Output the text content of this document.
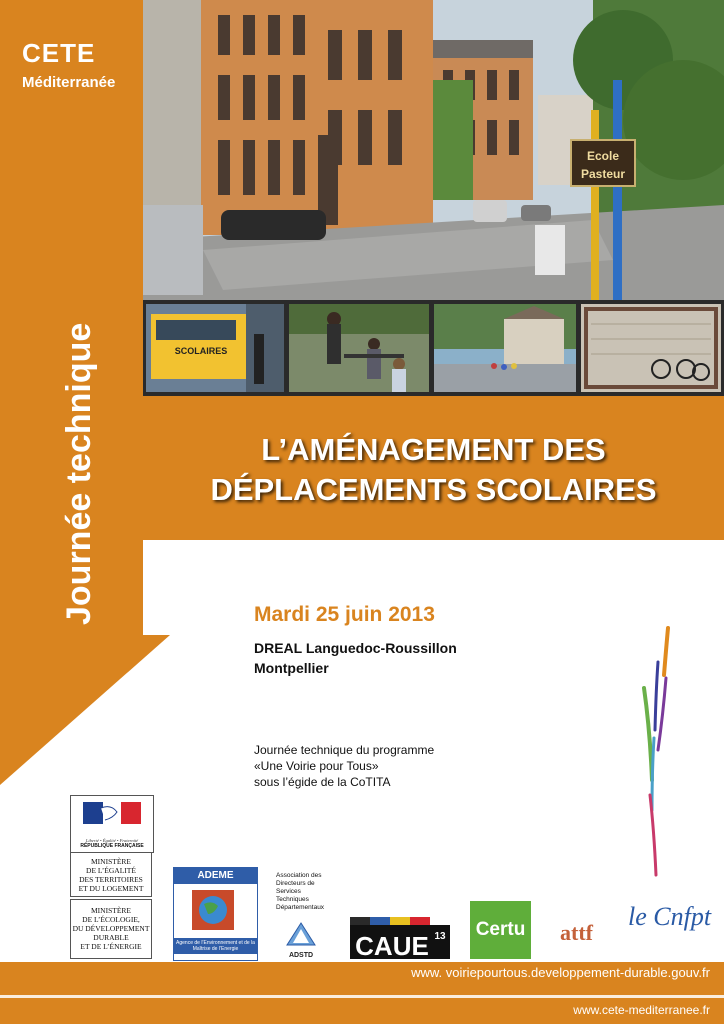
CETE
Méditerranée
Journée technique
Ecole
Pasteur
SCOLAIRES
L’AMÉNAGEMENT DES
DÉPLACEMENTS SCOLAIRES
Mardi 25 juin 2013
DREAL Languedoc-Roussillon
Montpellier
Journée technique du programme
«Une Voirie pour Tous»
sous l’égide de la CoTITA
Liberté • Égalité • Fraternité
RÉPUBLIQUE FRANÇAISE
MINISTÈRE
DE L’ÉGALITÉ
DES TERRITOIRES
ET DU LOGEMENT
MINISTÈRE
DE L’ÉCOLOGIE,
DU DÉVELOPPEMENT
DURABLE
ET DE L’ÉNERGIE
ADEME
Agence de l’Environnement et de la Maîtrise de l’Energie
Association des
Directeurs de
Services
Techniques
Départementaux
ADSTD CAUE 13 Certu attf
le Cnfpt
www. voiriepourtous.developpement-durable.gouv.fr
www.cete-mediterranee.fr
